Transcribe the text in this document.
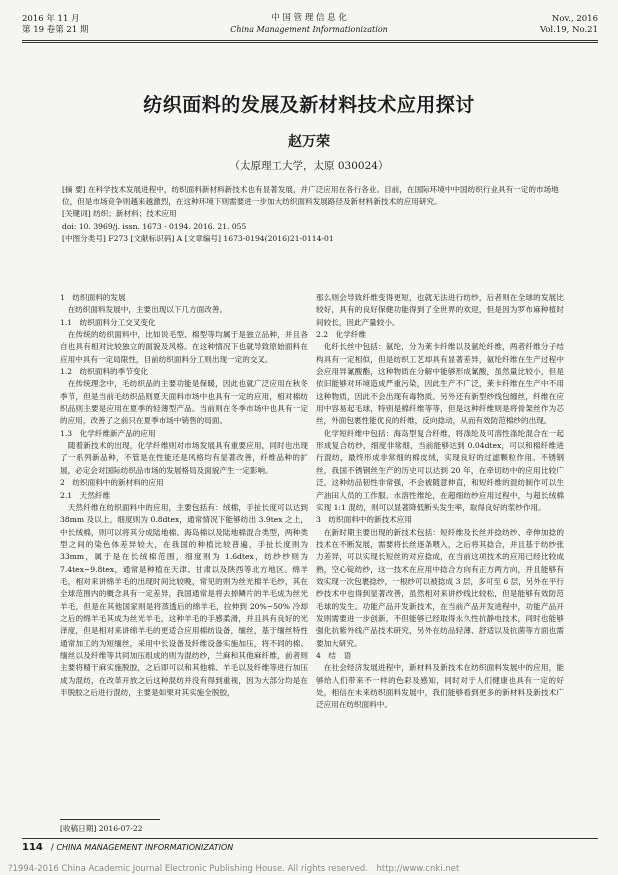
2016 年 11 月
第 19 卷第 21 期
中 国 管 理 信 息 化
China Management Informationization
Nov., 2016
Vol.19, No.21
纺织面料的发展及新材料技术应用探讨
赵万荣
（太原理工大学，太原 030024）

[摘 要] 在科学技术发展进程中，纺织面料新材料新技术也有显著发展，并广泛应用在各行各业。目前，在国际环境中中国纺织行业具有一定的市场地位，但是市场竞争则越来越激烈，在这种环境下则需要进一步加大纺织面料发展路径及新材料新技术的应用研究。

[关键词] 纺织；新材料；技术应用

doi: 10. 3969/j. issn. 1673 - 0194. 2016. 21. 055

[中图分类号] F273 [文献标识码] A [文章编号] 1673-0194(2016)21-0114-01

1　纺织面料的发展

　在纺织面料发展中，主要出现以下几方面改善。

1.1　纺织面料分工交叉变化

　在传统的纺织面料中，比如说毛型、棉型等均属于是独立品种，并且各自也具有相对比较独立的面貌及风格。在这种情况下也就导致原始面料在应用中具有一定局限性，目前纺织面料分工则出现一定的交叉。

1.2　纺织面料的季节变化

　在传统理念中，毛纺织品的主要功能是保暖，因此也就广泛应用在秋冬季节，但是当前毛纺织品则夏天面料市场中也具有一定的应用，相对棉纺织品则主要是应用在夏季的轻薄型产品。当前则在冬季市场中也具有一定的应用，改善了之前只在夏季市场中销售的局面。

1.3　化学纤维新产品的应用

　随着新技术的出现，化学纤维则对市场发展具有重要应用，同时也出现了一系列新品种，不管是在性能还是风格均有显著改善，纤维品种的扩展，必定会对国际纺织品市场的发展格局及面貌产生一定影响。

2　纺织面料中的新材料的应用

2.1　天然纤维

　天然纤维在纺织面料中的应用，主要包括有：绒棉，手扯长度可以达到 38mm 及以上，细度则为 0.8dtex，通常情况下能够纺出 3.9tex 之上，中长绒棉，则可以将其分成陆地棉、海岛棉以及陆地棉混合类型，两种类型之间的染色体差异较大，在我国的种植比较普遍，手扯长度则为 33mm，属于是在长绒棉范围，细度则为 1.6dtex，纺纱纱则为 7.4tex~9.8tex，通常是种植在天津、甘肃以及陕西等北方地区。绵羊毛，相对来讲绵羊毛的出现时间比较晚，常见的则为丝光棉羊毛纱，其在全球范围内的概念具有一定差异，我国通常是将去掉鳞片的羊毛成为丝光羊毛，但是在其他国家则是将蒸透后的绵羊毛，拉伸到 20%~50% 冷却之后的绵羊毛其成为丝光羊毛，这种羊毛的手感柔滑，并且具有良好的光泽度，但是相对来讲绵羊毛的更适合应用棉纺设备，缅丝，基于缅丝特性通常加工的为短缅丝，采用中长设备及纤维设备实施加压，将不同的棉、缅丝以及纤维等共同加压组成的则为混纺纱，兰麻和其他麻纤维，前者则主要将精干麻实施脱胶，之后即可以和其他棉、羊毛以及纤维等进行加压成为混纺，在改革开放之后这种混纺并没有得到重视，因为大部分均是在半脱胶之后进行混纺，主要是如果对其实施全脱胶，

那么则会导致纤维变得更短，也就无法进行纺纱，后者则在全球的发展比较好，具有的良好保健功能得到了全世界的欢迎，但是因为罗布麻种植时间较长，因此产量较小。

2.2　化学纤维

　化纤长丝中包括：氨纶，分为莱卡纤维以及氨纶纤维，两者纤维分子结构具有一定相似，但是纺织工艺却具有显著差异，氨纶纤维在生产过程中会应用异氰酸酯，这种物质在分解中能够形成氰酸，虽然量比较小，但是依旧能够对环境造成严重污染，因此生产不广泛，莱卡纤维在生产中不用这种物质，因此不会出现有毒物质。另外还有新型纱线包缠丝，纤维在应用中容易起毛球，特别是棉纤维等等，但是这种纤维则是将骨架丝作为芯丝，外面包裹性能优良的纤维，反向捻动，从而有效防范棉纱的出现。

　化学短纤维中包括：海岛型复合纤维，将涤纶及可溶性涤纶混合在一起形成复合纺纱，细度非常细，当前能够达到 0.04dtex，可以和棉纤维进行混纺，最终形成非常细的棉皮绒，实现良好的过滤颗粒作用。不锈钢丝，我国不锈钢丝生产的历史可以达到 20 年，在牵切纺中的应用比较广泛，这种纺品韧性非常强，不会被随意伸直，和短纤维的混纺制作可以生产油田人员的工作服、水溶性维纶，在超细纺纱应用过程中，与超长绒棉实现 1:1 混纺，则可以显著降低断头发生率，取得良好的浆纱作用。

3　纺织面料中的新技术应用

　在新时期主要出现的新技术包括：短纤维及长丝并捻纺纱、牵伸加捻的技术在不断发展，需要将长丝逐条喂入，之后将其捻合，并且基于纺纱张力差异，可以实现长短丝的对应捻成，在当前这项技术的应用已经比较成熟，空心锭纺纱，这一技术在应用中捻合方向有正方两方向，并且能够有效实现一次包裹捻纱，一根纱可以被捻成 3 层，多可至 6 层，另外在平行纱技术中也得到显著改善，虽然相对来讲纱线比较松，但是能够有效防范毛球的发生。功能产品开发新技术，在当前产品开发进程中，功能产品开发则需要进一步创新，不但能够已经取得永久性抗静电技术，同时也能够强化抗紫外线产品技术研究，另外在纺品轻薄、舒适以及抗菌等方面也需要加大研究。

4　结　语

　在社会经济发展进程中，新材料及新技术在纺织面料发展中的应用，能够给人们带来不一样的色彩及感知，同时对于人们健康也具有一定的好处，相信在未来纺织面料发展中，我们能够看到更多的新材料及新技术广泛应用在纺织面料中。

[收稿日期] 2016-07-22
114 / CHINA MANAGEMENT INFORMATIONIZATION
?1994-2016 China Academic Journal Electronic Publishing House. All rights reserved.　http://www.cnki.net
